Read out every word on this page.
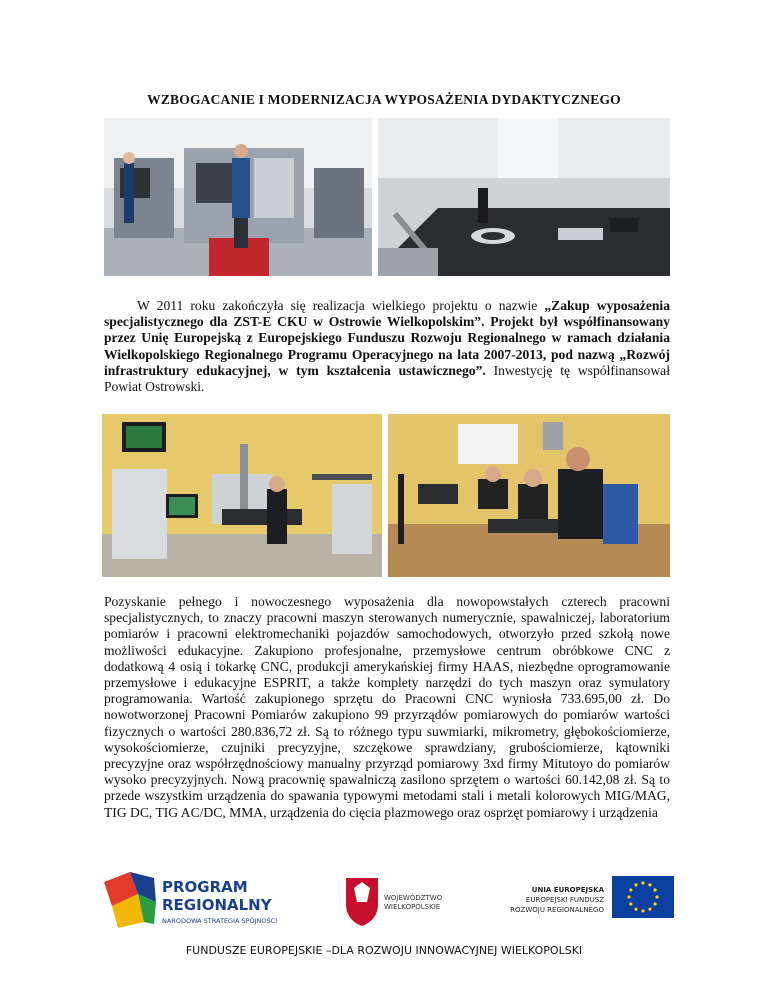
WZBOGACANIE I MODERNIZACJA WYPOSAŻENIA DYDAKTYCZNEGO
W 2011 roku zakończyła się realizacja wielkiego projektu o nazwie „Zakup wyposażenia specjalistycznego dla ZST-E CKU w Ostrowie Wielkopolskim”. Projekt był współfinansowany przez Unię Europejską z Europejskiego Funduszu Rozwoju Regionalnego w ramach działania Wielkopolskiego Regionalnego Programu Operacyjnego na lata 2007-2013, pod nazwą „Rozwój infrastruktury edukacyjnej, w tym kształcenia ustawicznego”. Inwestycję tę współfinansował Powiat Ostrowski.
Pozyskanie pełnego i nowoczesnego wyposażenia dla nowopowstałych czterech pracowni specjalistycznych, to znaczy pracowni maszyn sterowanych numerycznie, spawalniczej, laboratorium pomiarów i pracowni elektromechaniki pojazdów samochodowych, otworzyło przed szkołą nowe możliwości edukacyjne. Zakupiono profesjonalne, przemysłowe centrum obróbkowe CNC z dodatkową 4 osią i tokarkę CNC, produkcji amerykańskiej firmy HAAS, niezbędne oprogramowanie przemysłowe i edukacyjne ESPRIT, a także komplety narzędzi do tych maszyn oraz symulatory programowania. Wartość zakupionego sprzętu do Pracowni CNC wyniosła 733.695,00 zł. Do nowotworzonej Pracowni Pomiarów zakupiono 99 przyrządów pomiarowych do pomiarów wartości fizycznych o wartości 280.836,72 zł. Są to różnego typu suwmiarki, mikrometry, głębokościomierze, wysokościomierze, czujniki precyzyjne, szczękowe sprawdziany, grubościomierze, kątowniki precyzyjne oraz współrzędnościowy manualny przyrząd pomiarowy 3xd firmy Mitutoyo do pomiarów wysoko precyzyjnych. Nową pracownię spawalniczą zasilono sprzętem o wartości 60.142,08 zł. Są to przede wszystkim urządzenia do spawania typowymi metodami stali i metali kolorowych MIG/MAG, TIG DC, TIG AC/DC, MMA, urządzenia do cięcia plazmowego oraz osprzęt pomiarowy i urządzenia
PROGRAM
REGIONALNY
NARODOWA STRATEGIA SPÓJNOŚCI
WOJEWÓDZTWO
WIELKOPOLSKIE
UNIA EUROPEJSKA
EUROPEJSKI FUNDUSZ
ROZWOJU REGIONALNEGO
FUNDUSZE EUROPEJSKIE –DLA ROZWOJU INNOWACYJNEJ WIELKOPOLSKI
